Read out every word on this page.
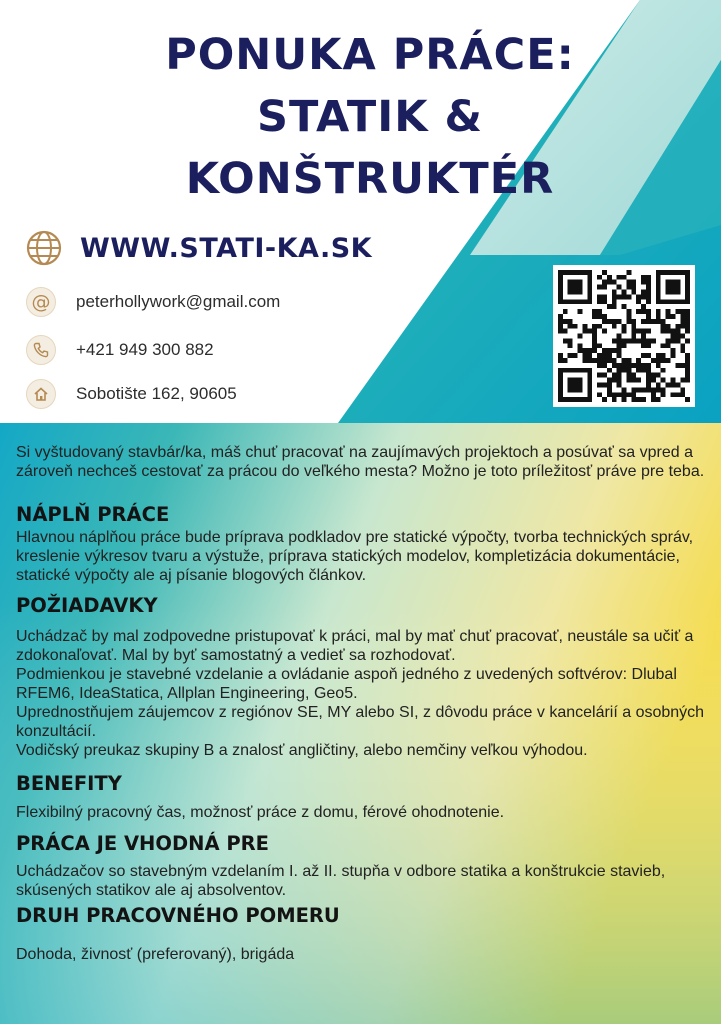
PONUKA PRÁCE:
STATIK &
KONŠTRUKTÉR
WWW.STATI-KA.SK
@ peterhollywork@gmail.com
+421 949 300 882
Sobotište 162, 90605

Si vyštudovaný stavbár/ka, máš chuť pracovať na zaujímavých projektoch a posúvať sa vpred a zároveň nechceš cestovať za prácou do veľkého mesta? Možno je toto príležitosť práve pre teba.

NÁPLŇ PRÁCE

Hlavnou náplňou práce bude príprava podkladov pre statické výpočty, tvorba technických správ, kreslenie výkresov tvaru a výstuže, príprava statických modelov, kompletizácia dokumentácie, statické výpočty ale aj písanie blogových článkov.

POŽIADAVKY

Uchádzač by mal zodpovedne pristupovať k práci, mal by mať chuť pracovať, neustále sa učiť a zdokonaľovať. Mal by byť samostatný a vedieť sa rozhodovať.

Podmienkou je stavebné vzdelanie a ovládanie aspoň jedného z uvedených softvérov: Dlubal RFEM6, IdeaStatica, Allplan Engineering, Geo5.

Uprednostňujem záujemcov z regiónov SE, MY alebo SI, z dôvodu práce v kancelárií a osobných konzultácií.

Vodičský preukaz skupiny B a znalosť angličtiny, alebo nemčiny veľkou výhodou.

BENEFITY

Flexibilný pracovný čas, možnosť práce z domu, férové ohodnotenie.

PRÁCA JE VHODNÁ PRE

Uchádzačov so stavebným vzdelaním I. až II. stupňa v odbore statika a konštrukcie stavieb, skúsených statikov ale aj absolventov.

DRUH PRACOVNÉHO POMERU

Dohoda, živnosť (preferovaný), brigáda
